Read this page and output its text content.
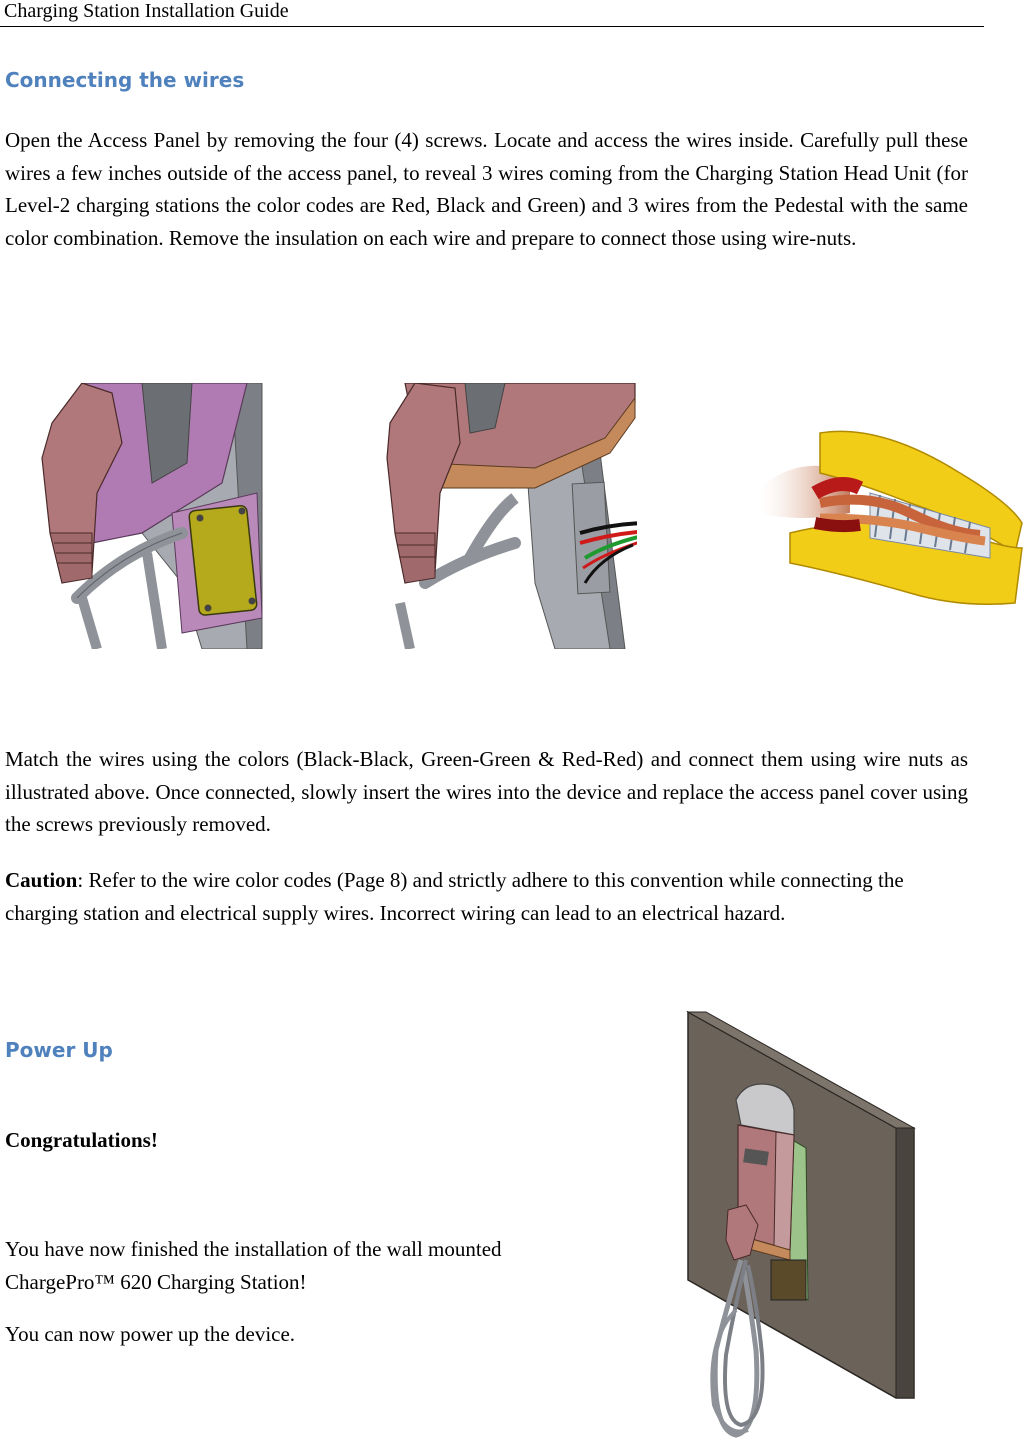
Charging Station Installation Guide
Connecting the wires

Open the Access Panel by removing the four (4) screws. Locate and access the wires inside. Carefully pull these wires a few inches outside of the access panel, to reveal 3 wires coming from the Charging Station Head Unit (for Level-2 charging stations the color codes are Red, Black and Green) and 3 wires from the Pedestal with the same color combination. Remove the insulation on each wire and prepare to connect those using wire-nuts.

Match the wires using the colors (Black-Black, Green-Green & Red-Red) and connect them using wire nuts as illustrated above. Once connected, slowly insert the wires into the device and replace the access panel cover using the screws previously removed.

Caution: Refer to the wire color codes (Page 8) and strictly adhere to this convention while connecting the charging station and electrical supply wires. Incorrect wiring can lead to an electrical hazard.

Power Up
Congratulations!

You have now finished the installation of the wall mounted ChargePro™ 620 Charging Station!

You can now power up the device.
